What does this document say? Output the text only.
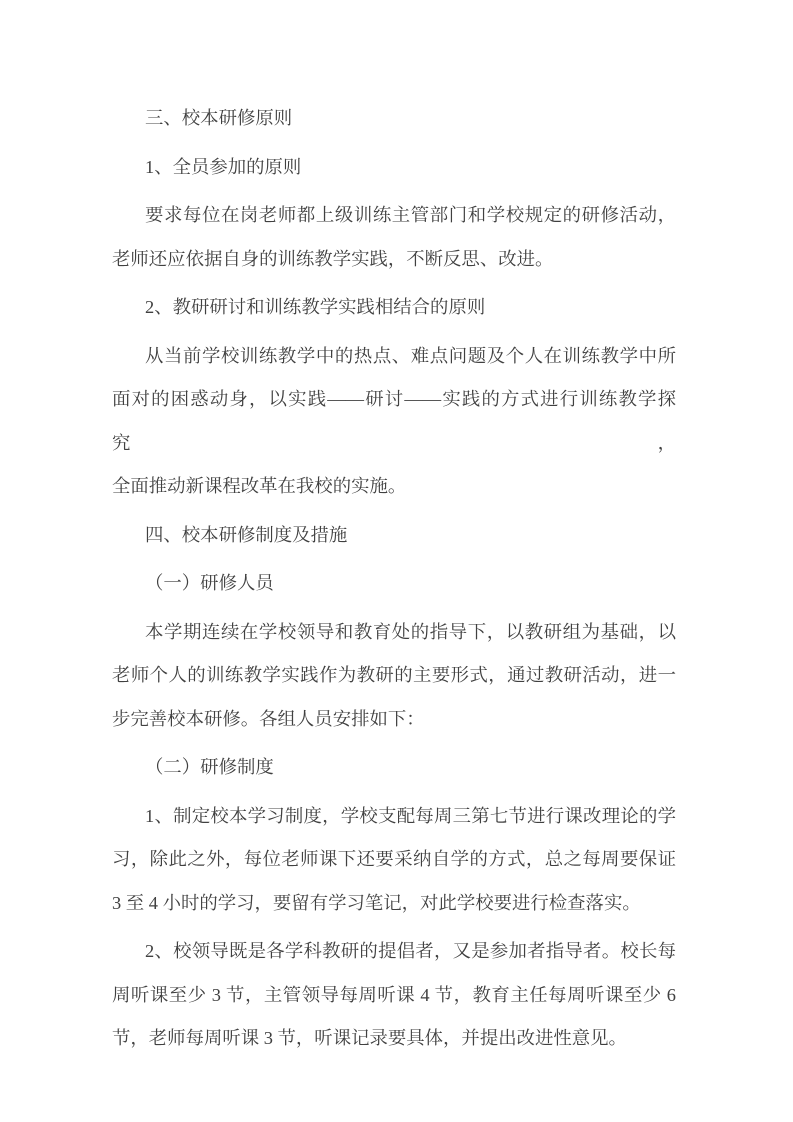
三、校本研修原则

1、全员参加的原则

要求每位在岗老师都上级训练主管部门和学校规定的研修活动，
老师还应依据自身的训练教学实践，不断反思、改进。

2、教研研讨和训练教学实践相结合的原则

从当前学校训练教学中的热点、难点问题及个人在训练教学中所
面对的困惑动身，以实践——研讨——实践的方式进行训练教学探究，
全面推动新课程改革在我校的实施。

四、校本研修制度及措施

（一）研修人员

本学期连续在学校领导和教育处的指导下，以教研组为基础，以
老师个人的训练教学实践作为教研的主要形式，通过教研活动，进一
步完善校本研修。各组人员安排如下：

（二）研修制度

1、制定校本学习制度，学校支配每周三第七节进行课改理论的学
习，除此之外，每位老师课下还要采纳自学的方式，总之每周要保证
3 至 4 小时的学习，要留有学习笔记，对此学校要进行检查落实。

2、校领导既是各学科教研的提倡者，又是参加者指导者。校长每
周听课至少 3 节，主管领导每周听课 4 节，教育主任每周听课至少 6
节，老师每周听课 3 节，听课记录要具体，并提出改进性意见。
